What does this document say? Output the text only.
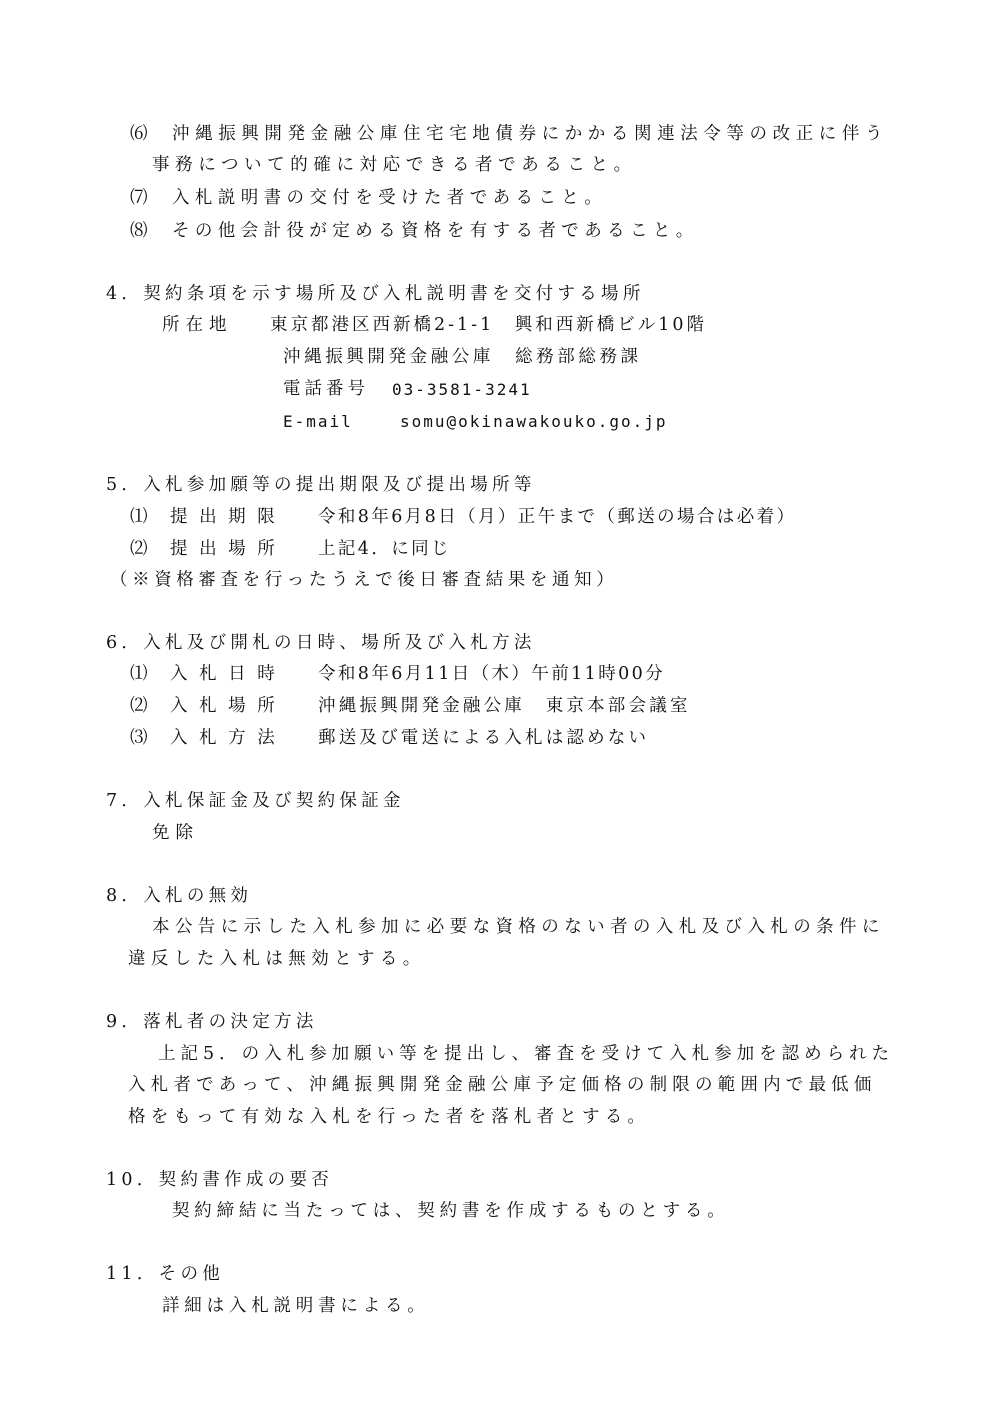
⑹ 沖縄振興開発金融公庫住宅宅地債券にかかる関連法令等の改正に伴う
事務について的確に対応できる者であること。
⑺ 入札説明書の交付を受けた者であること。
⑻ その他会計役が定める資格を有する者であること。
4．契約条項を示す場所及び入札説明書を交付する場所
所在地 東京都港区西新橋2-1-1　興和西新橋ビル10階
沖縄振興開発金融公庫　総務部総務課
電話番号 03-3581-3241
E-mail	somu@okinawakouko.go.jp
5．入札参加願等の提出期限及び提出場所等
⑴ 提 出 期 限 令和8年6月8日（月）正午まで（郵送の場合は必着）
⑵ 提 出 場 所 上記4．に同じ
（※資格審査を行ったうえで後日審査結果を通知）
6．入札及び開札の日時、場所及び入札方法
⑴ 入 札 日 時 令和8年6月11日（木）午前11時00分
⑵ 入 札 場 所 沖縄振興開発金融公庫　東京本部会議室
⑶ 入 札 方 法 郵送及び電送による入札は認めない
7．入札保証金及び契約保証金
免除
8．入札の無効
本公告に示した入札参加に必要な資格のない者の入札及び入札の条件に
違反した入札は無効とする。
9．落札者の決定方法
上記5．の入札参加願い等を提出し、審査を受けて入札参加を認められた
入札者であって、沖縄振興開発金融公庫予定価格の制限の範囲内で最低価
格をもって有効な入札を行った者を落札者とする。
10．契約書作成の要否
契約締結に当たっては、契約書を作成するものとする。
11．その他
詳細は入札説明書による。
